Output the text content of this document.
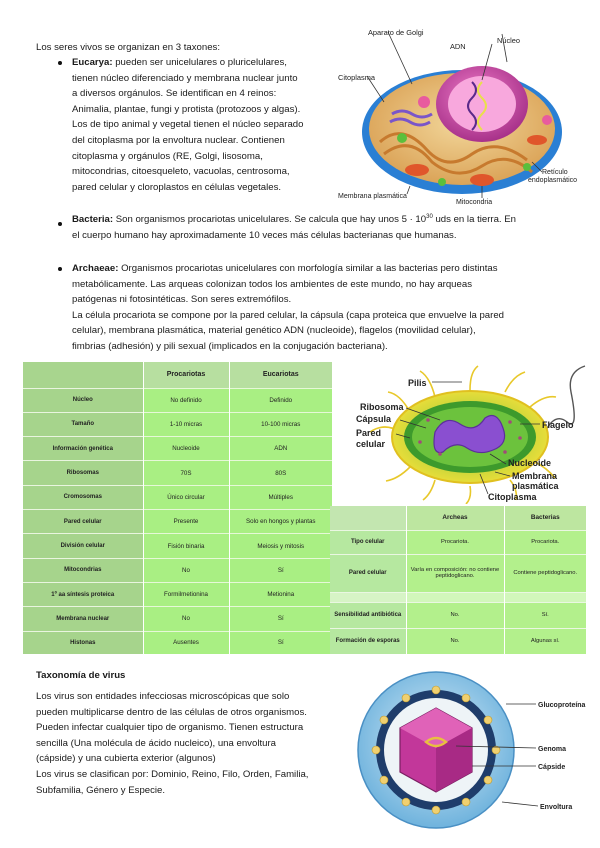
Los seres vivos se organizan en 3 taxones:
Eucarya: pueden ser unicelulares o pluricelulares,
tienen núcleo diferenciado y membrana nuclear junto
a diversos orgánulos. Se identifican en 4 reinos:
Animalia, plantae, fungi y protista (protozoos y algas).
Los de tipo animal y vegetal tienen el núcleo separado
del citoplasma por la envoltura nuclear. Contienen
citoplasma y orgánulos (RE, Golgi, lisosoma,
mitocondrias, citoesqueleto, vacuolas, centrosoma,
pared celular y cloroplastos en células vegetales.
Aparato de Golgi
Núcleo
ADN
Citoplasma
Retículo
endoplasmático
Membrana plasmática
Mitocondria
Bacteria: Son organismos procariotas unicelulares. Se calcula que hay unos $5 \cdot 10^{30}$ uds en la tierra. En
el cuerpo humano hay aproximadamente 10 veces más células bacterianas que humanas.
Archaeae: Organismos procariotas unicelulares con morfología similar a las bacterias pero distintas
metabólicamente. Las arqueas colonizan todos los ambientes de este mundo, no hay arqueas
patógenas ni fotosintéticas. Son seres extremófilos.
La célula procariota se compone por la pared celular, la cápsula (capa proteica que envuelve la pared
celular), membrana plasmática, material genético ADN (nucleoide), flagelos (movilidad celular),
fimbrias (adhesión) y pili sexual (implicados en la conjugación bacteriana).
	Procariotas	Eucariotas
Núcleo	No definido	Definido
Tamaño	1-10 micras	10-100 micras
Información genética	Nucleoide	ADN
Ribosomas	70S	80S
Cromosomas	Único circular	Múltiples
Pared celular	Presente	Solo en hongos y plantas
División celular	Fisión binaria	Meiosis y mitosis
Mitocondrias	No	Sí
1º aa síntesis proteica	Formilmetionina	Metionina
Membrana nuclear	No	Sí
Histonas	Ausentes	Sí
Pilis
Ribosoma
Cápsula
Pared
celular
Flagelo
Nucleoide
Membrana
plasmática
Citoplasma
	Archeas	Bacterias
Tipo celular	Procariota.	Procariota.
Pared celular	Varía en composición: no contiene peptidoglicano.	Contiene peptidoglicano.

Sensibilidad antibiótica	No.	Sí.
Formación de esporas	No.	Algunas sí.
Taxonomía de virus
Los virus son entidades infecciosas microscópicas que solo
pueden multiplicarse dentro de las células de otros organismos.
Pueden infectar cualquier tipo de organismo. Tienen estructura
sencilla (Una molécula de ácido nucleico), una envoltura
(cápside) y una cubierta exterior (algunos)
Los virus se clasifican por: Dominio, Reino, Filo, Orden, Familia,
Subfamilia, Género y Especie.
Glucoproteína
Genoma
Cápside
Envoltura
